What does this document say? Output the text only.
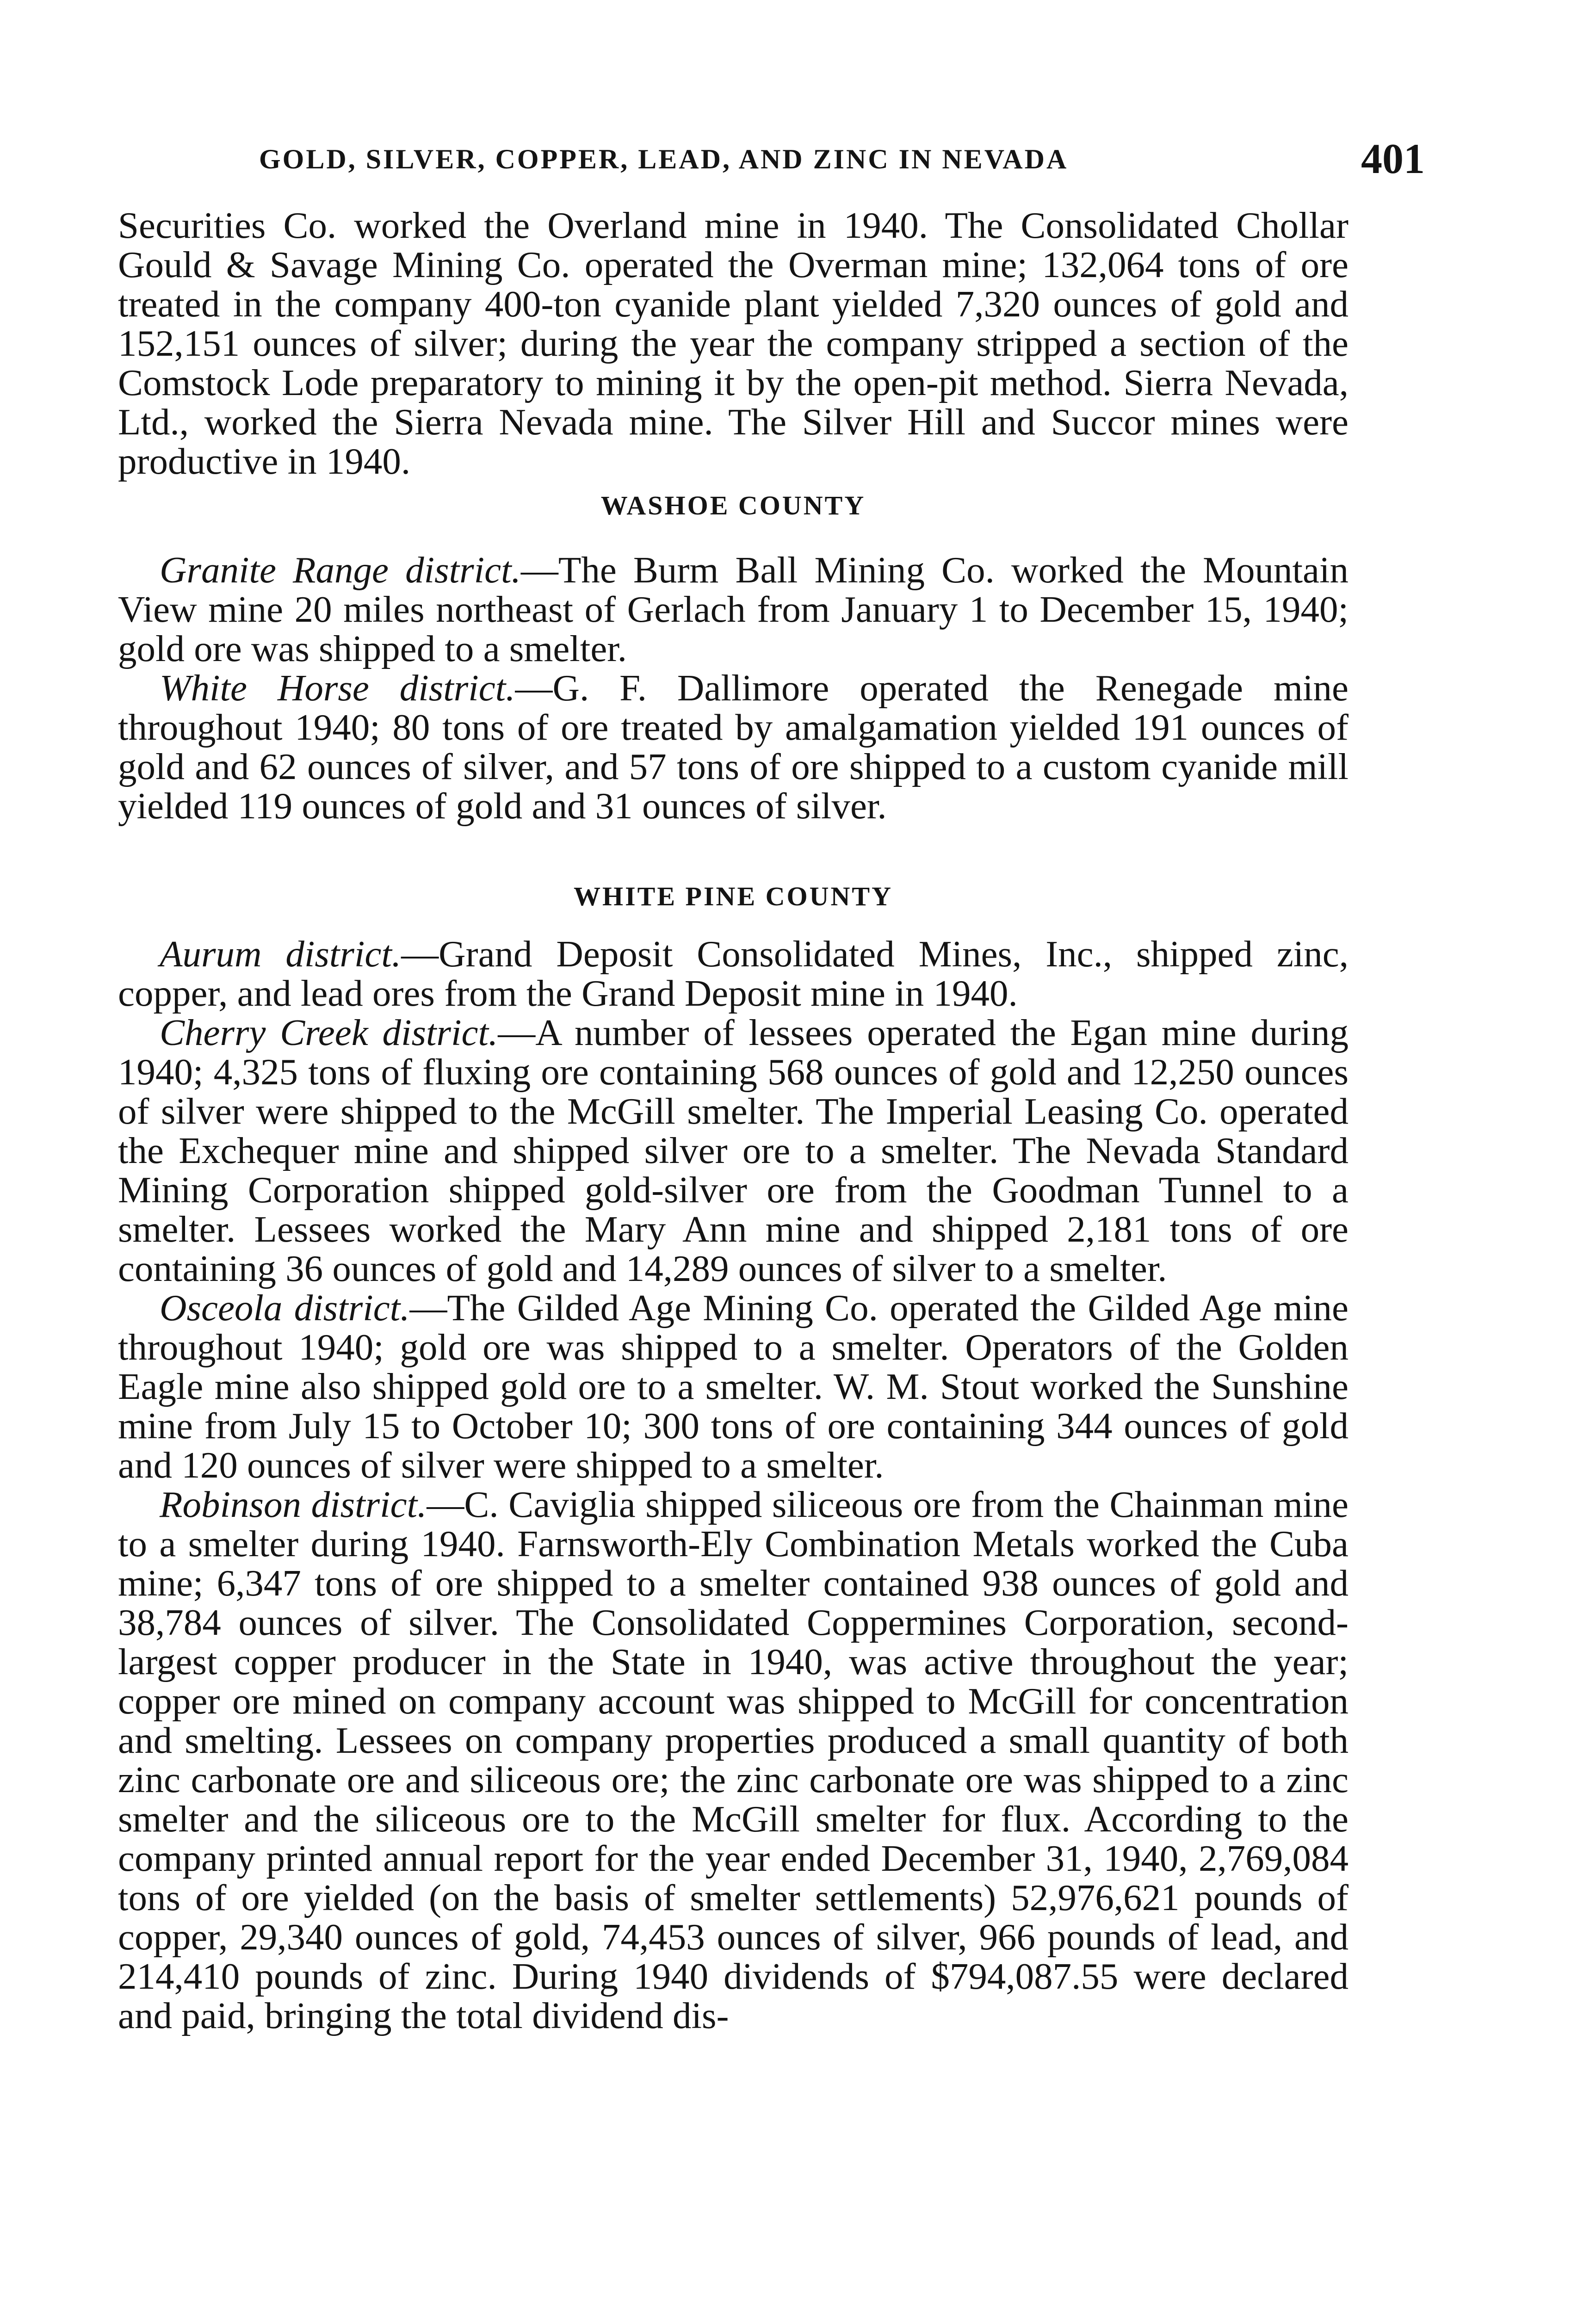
GOLD, SILVER, COPPER, LEAD, AND ZINC IN NEVADA	401

Securities Co. worked the Overland mine in 1940. The Consolidated Chollar Gould & Savage Mining Co. operated the Overman mine; 132,064 tons of ore treated in the company 400-ton cyanide plant yielded 7,320 ounces of gold and 152,151 ounces of silver; during the year the company stripped a section of the Comstock Lode preparatory to mining it by the open-pit method. Sierra Nevada, Ltd., worked the Sierra Nevada mine. The Silver Hill and Succor mines were productive in 1940.

WASHOE COUNTY

Granite Range district.—The Burm Ball Mining Co. worked the Mountain View mine 20 miles northeast of Gerlach from January 1 to December 15, 1940; gold ore was shipped to a smelter.

White Horse district.—G. F. Dallimore operated the Renegade mine throughout 1940; 80 tons of ore treated by amalgamation yielded 191 ounces of gold and 62 ounces of silver, and 57 tons of ore shipped to a custom cyanide mill yielded 119 ounces of gold and 31 ounces of silver.

WHITE PINE COUNTY

Aurum district.—Grand Deposit Consolidated Mines, Inc., shipped zinc, copper, and lead ores from the Grand Deposit mine in 1940.

Cherry Creek district.—A number of lessees operated the Egan mine during 1940; 4,325 tons of fluxing ore containing 568 ounces of gold and 12,250 ounces of silver were shipped to the McGill smelter. The Imperial Leasing Co. operated the Exchequer mine and shipped silver ore to a smelter. The Nevada Standard Mining Corporation shipped gold-silver ore from the Goodman Tunnel to a smelter. Lessees worked the Mary Ann mine and shipped 2,181 tons of ore containing 36 ounces of gold and 14,289 ounces of silver to a smelter.

Osceola district.—The Gilded Age Mining Co. operated the Gilded Age mine throughout 1940; gold ore was shipped to a smelter. Operators of the Golden Eagle mine also shipped gold ore to a smelter. W. M. Stout worked the Sunshine mine from July 15 to October 10; 300 tons of ore containing 344 ounces of gold and 120 ounces of silver were shipped to a smelter.

Robinson district.—C. Caviglia shipped siliceous ore from the Chainman mine to a smelter during 1940. Farnsworth-Ely Combination Metals worked the Cuba mine; 6,347 tons of ore shipped to a smelter contained 938 ounces of gold and 38,784 ounces of silver. The Consolidated Coppermines Corporation, second-largest copper producer in the State in 1940, was active throughout the year; copper ore mined on company account was shipped to McGill for concentration and smelting. Lessees on company properties produced a small quantity of both zinc carbonate ore and siliceous ore; the zinc carbonate ore was shipped to a zinc smelter and the siliceous ore to the McGill smelter for flux. According to the company printed annual report for the year ended December 31, 1940, 2,769,084 tons of ore yielded (on the basis of smelter settlements) 52,976,621 pounds of copper, 29,340 ounces of gold, 74,453 ounces of silver, 966 pounds of lead, and 214,410 pounds of zinc. During 1940 dividends of $794,087.55 were declared and paid, bringing the total dividend dis-
